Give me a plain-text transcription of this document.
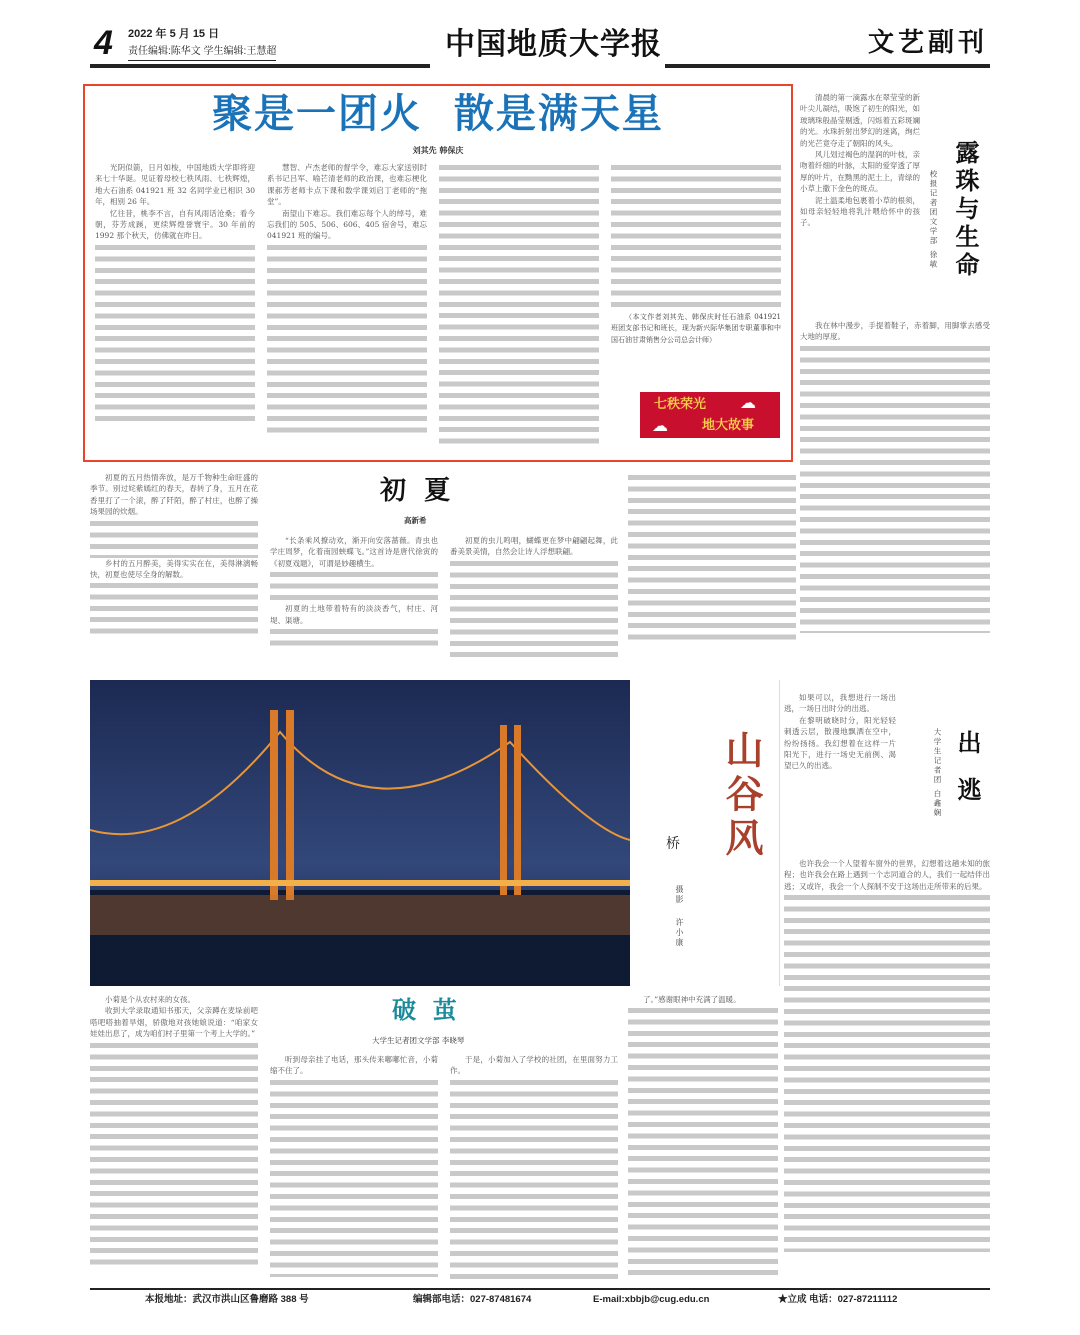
4 2022 年 5 月 15 日
责任编辑:陈华文 学生编辑:王慧超	中国地质大学报	文艺副刊
聚是一团火  散是满天星
刘其先 韩保庆

光阴似箭，日月如梭，中国地质大学即将迎来七十华诞。见证着母校七秩风雨、七秩辉煌，地大石油系 041921 班 32 名同学业已相识 30 年，相别 26 年。

忆往昔，桃李不言，自有风雨话沧桑；看今朝，芬芳成蹊，更续辉煌誉寰宇。30 年前的 1992 那个秋天，仿佛就在昨日。

慧智、卢杰老师的督学令，难忘大家送别时系书记吕军、喻芒清老师的政治课，也难忘梗化课郝芳老师卡点下课和数学课刘启丁老师的“拖堂”。

南望山下难忘。我们难忘每个人的绰号，难忘我们的 505、506、606、405 宿舍号，难忘 041921 班的编号。

（本文作者刘其先、韩保庆时任石油系 041921 班团支部书记和班长，现为新兴际华集团专职董事和中国石油甘肃销售分公司总会计师）

七秩荣光
地大故事
☁
☁

清晨的第一滴露水在翠莹莹的新叶尖儿凝结，吸饱了初生的阳光，如玻璃珠般晶莹剔透，闪烁着五彩斑斓的光。水珠折射出梦幻的迷离，绚烂的光芒竟夺走了朝阳的风头。

风儿划过褐色的湿润的叶枝，亲吻着纤细的叶脉，太阳的爱穿透了厚厚的叶片，在黝黑的泥土上，青绿的小草上撒下金色的斑点。

泥土温柔地包裹着小草的根须，如母亲轻轻地将乳汁喂给怀中的孩子。	校报记者团文学部 徐敏 露珠与生命

我在林中漫步，手提着鞋子，赤着脚，用脚掌去感受大地的厚度。

初夏的五月热情奔放，是万千物种生命旺盛的季节。别过姹紫嫣红的春天，春转了身，五月在花香里打了一个滚，醉了阡陌，醉了村庄，也醉了操场果园的炊烟。

乡村的五月醉美，美得实实在在，美得淋漓畅快，初夏也使尽全身的解数。

初  夏
高新希

“长条乘风撩动欢，渐开向安落蔷薇。青虫也学庄周梦，化着南园蛱蝶飞。”这首诗是唐代徐寅的《初夏戏题》，可谓是妙趣横生。

初夏的土地带着特有的淡淡香气，村庄、河堤、渠塘。

初夏的虫儿鸣唱，蝴蝶更在梦中翩翩起舞，此番美景美情，自然会让诗人浮想联翩。

山谷风
桥
摄影
许小康

如果可以，我想进行一场出逃，一场日出时分的出逃。

在黎明破晓时分，阳光轻轻刺透云层，散漫地飘洒在空中，纷纷扬扬。我幻想着在这样一片阳光下，进行一场史无前例、渴望已久的出逃。	大学生记者团 白鑫娴 出  逃

也许我会一个人望着车窗外的世界，幻想着这趟未知的旅程；也许我会在路上遇到一个志同道合的人，我们一起结伴出逃；又或许，我会一个人探制不安于这场出走所带来的后果。

小菊是个从农村来的女孩。

收到大学录取通知书那天，父亲蹲在麦垛前吧嗒吧嗒抽着旱烟，骄傲地对孩她娘说道：“咱家女娃娃出息了，成为咱们村子里第一个考上大学的。”

破  茧
大学生记者团文学部 李晓琴

听到母亲挂了电话，那头传来嘟嘟忙音，小菊缩不住了。

于是，小菊加入了学校的社团，在里面努力工作。

了。”感谢眼神中充满了温暖。

本报地址：武汉市洪山区鲁磨路 388 号	编辑部电话：027-87481674	E-mail:xbbjb@cug.edu.cn	★立成 电话：027-87211112
